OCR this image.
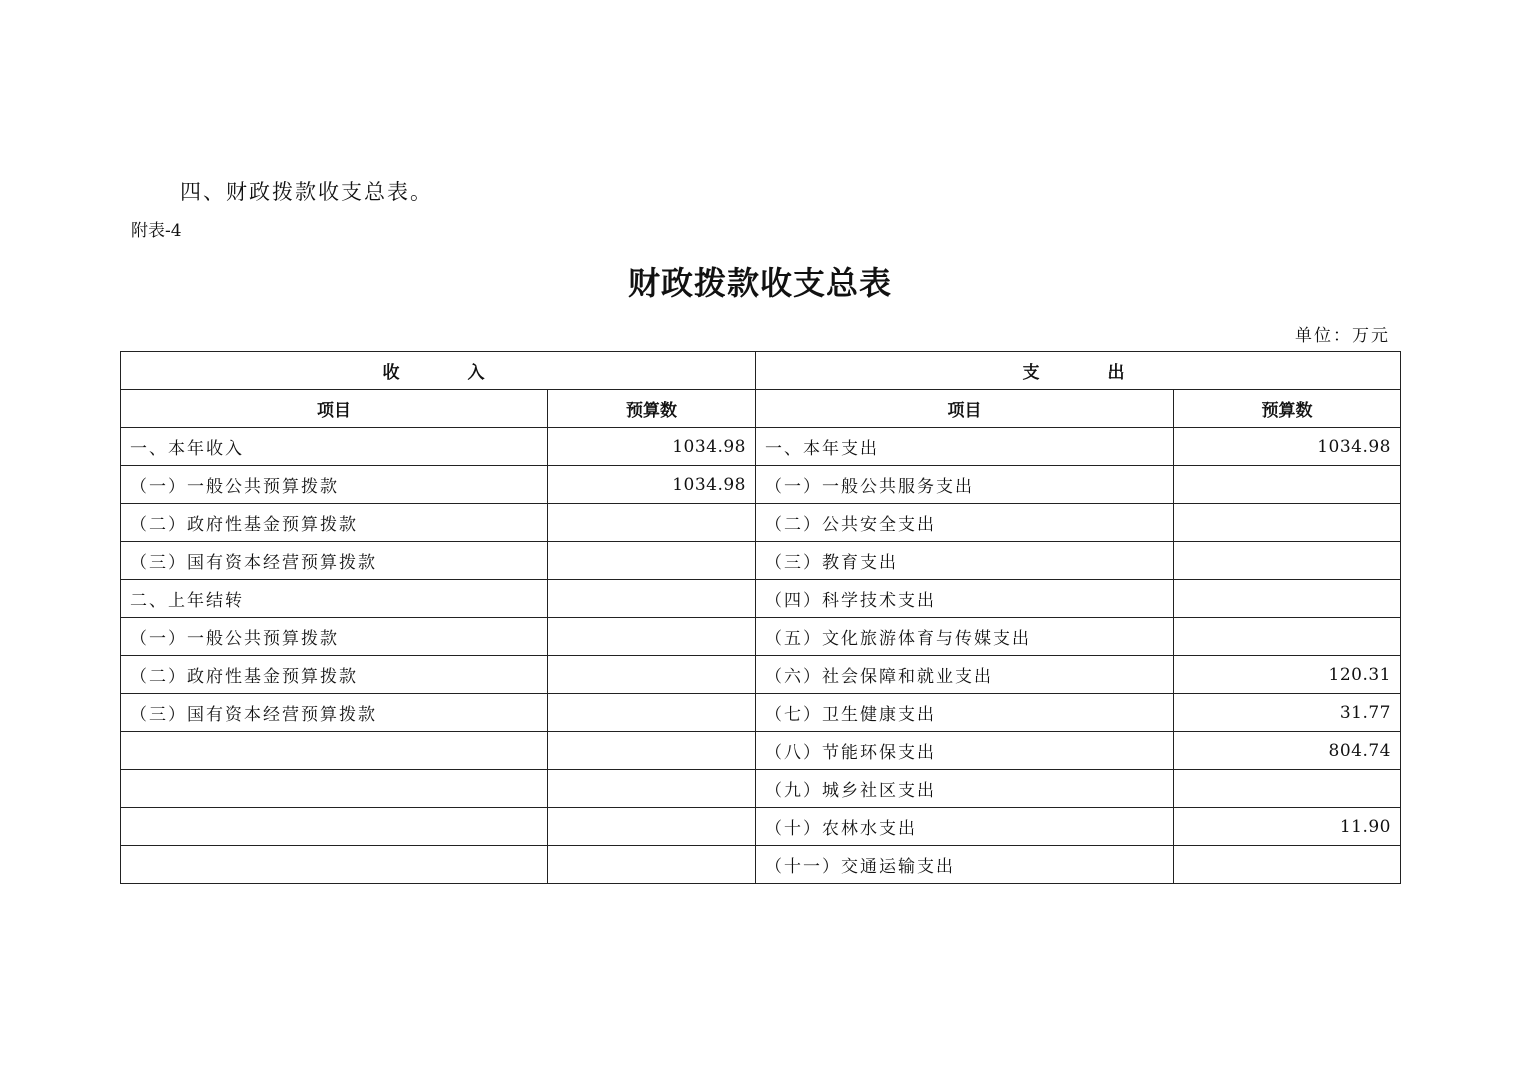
四、财政拨款收支总表。
附表-4
财政拨款收支总表
单位：万元
收入		支出	
项目	预算数	项目	预算数
一、本年收入	1034.98	一、本年支出	1034.98
（一）一般公共预算拨款	1034.98	（一）一般公共服务支出	
（二）政府性基金预算拨款		（二）公共安全支出	
（三）国有资本经营预算拨款		（三）教育支出	
二、上年结转		（四）科学技术支出	
（一）一般公共预算拨款		（五）文化旅游体育与传媒支出	
（二）政府性基金预算拨款		（六）社会保障和就业支出	120.31
（三）国有资本经营预算拨款		（七）卫生健康支出	31.77
		（八）节能环保支出	804.74
		（九）城乡社区支出	
		（十）农林水支出	11.90
		（十一）交通运输支出	
